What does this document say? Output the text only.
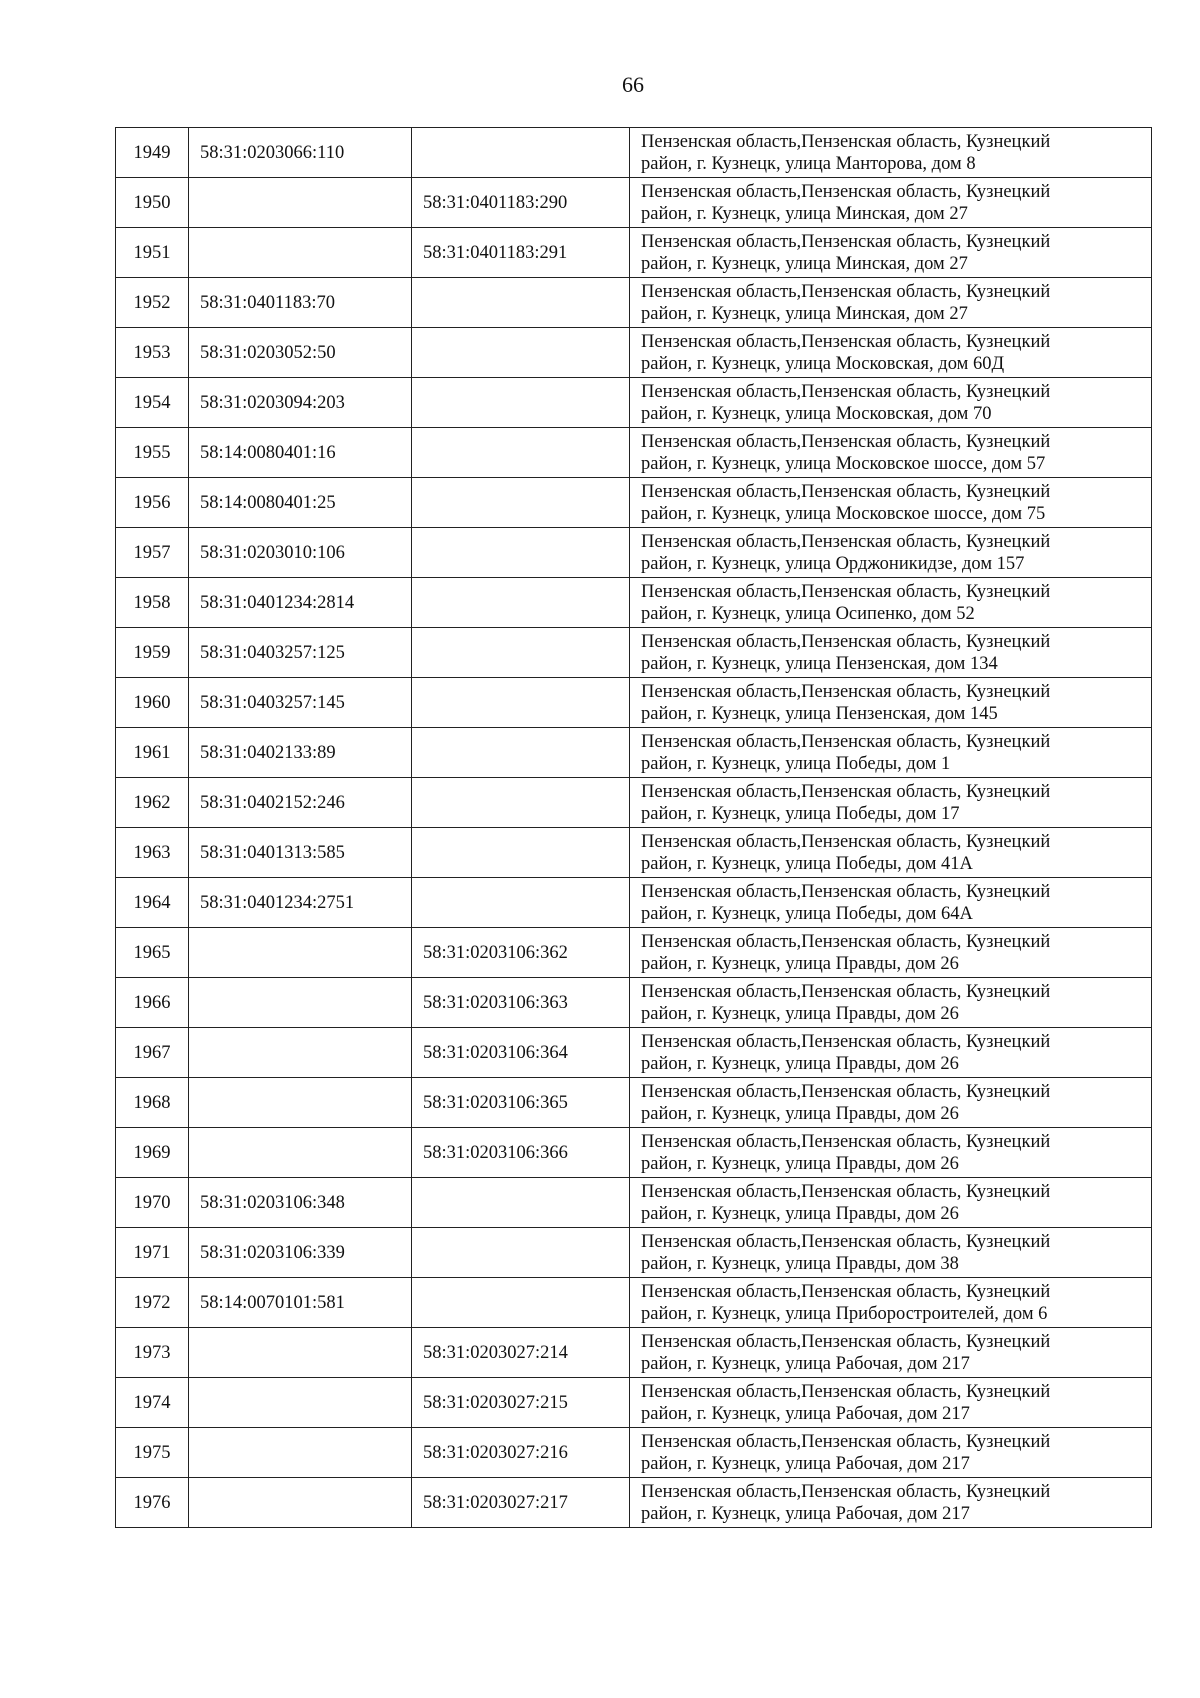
66
1949	58:31:0203066:110		Пензенская область,Пензенская область, Кузнецкий
район, г. Кузнецк, улица Манторова, дом 8

1950		58:31:0401183:290	Пензенская область,Пензенская область, Кузнецкий
район, г. Кузнецк, улица Минская, дом 27

1951		58:31:0401183:291	Пензенская область,Пензенская область, Кузнецкий
район, г. Кузнецк, улица Минская, дом 27

1952	58:31:0401183:70		Пензенская область,Пензенская область, Кузнецкий
район, г. Кузнецк, улица Минская, дом 27

1953	58:31:0203052:50		Пензенская область,Пензенская область, Кузнецкий
район, г. Кузнецк, улица Московская, дом 60Д

1954	58:31:0203094:203		Пензенская область,Пензенская область, Кузнецкий
район, г. Кузнецк, улица Московская, дом 70

1955	58:14:0080401:16		Пензенская область,Пензенская область, Кузнецкий
район, г. Кузнецк, улица Московское шоссе, дом 57

1956	58:14:0080401:25		Пензенская область,Пензенская область, Кузнецкий
район, г. Кузнецк, улица Московское шоссе, дом 75

1957	58:31:0203010:106		Пензенская область,Пензенская область, Кузнецкий
район, г. Кузнецк, улица Орджоникидзе, дом 157

1958	58:31:0401234:2814		Пензенская область,Пензенская область, Кузнецкий
район, г. Кузнецк, улица Осипенко, дом 52

1959	58:31:0403257:125		Пензенская область,Пензенская область, Кузнецкий
район, г. Кузнецк, улица Пензенская, дом 134

1960	58:31:0403257:145		Пензенская область,Пензенская область, Кузнецкий
район, г. Кузнецк, улица Пензенская, дом 145

1961	58:31:0402133:89		Пензенская область,Пензенская область, Кузнецкий
район, г. Кузнецк, улица Победы, дом 1

1962	58:31:0402152:246		Пензенская область,Пензенская область, Кузнецкий
район, г. Кузнецк, улица Победы, дом 17

1963	58:31:0401313:585		Пензенская область,Пензенская область, Кузнецкий
район, г. Кузнецк, улица Победы, дом 41А

1964	58:31:0401234:2751		Пензенская область,Пензенская область, Кузнецкий
район, г. Кузнецк, улица Победы, дом 64А

1965		58:31:0203106:362	Пензенская область,Пензенская область, Кузнецкий
район, г. Кузнецк, улица Правды, дом 26

1966		58:31:0203106:363	Пензенская область,Пензенская область, Кузнецкий
район, г. Кузнецк, улица Правды, дом 26

1967		58:31:0203106:364	Пензенская область,Пензенская область, Кузнецкий
район, г. Кузнецк, улица Правды, дом 26

1968		58:31:0203106:365	Пензенская область,Пензенская область, Кузнецкий
район, г. Кузнецк, улица Правды, дом 26

1969		58:31:0203106:366	Пензенская область,Пензенская область, Кузнецкий
район, г. Кузнецк, улица Правды, дом 26

1970	58:31:0203106:348		Пензенская область,Пензенская область, Кузнецкий
район, г. Кузнецк, улица Правды, дом 26

1971	58:31:0203106:339		Пензенская область,Пензенская область, Кузнецкий
район, г. Кузнецк, улица Правды, дом 38

1972	58:14:0070101:581		Пензенская область,Пензенская область, Кузнецкий
район, г. Кузнецк, улица Приборостроителей, дом 6

1973		58:31:0203027:214	Пензенская область,Пензенская область, Кузнецкий
район, г. Кузнецк, улица Рабочая, дом 217

1974		58:31:0203027:215	Пензенская область,Пензенская область, Кузнецкий
район, г. Кузнецк, улица Рабочая, дом 217

1975		58:31:0203027:216	Пензенская область,Пензенская область, Кузнецкий
район, г. Кузнецк, улица Рабочая, дом 217

1976		58:31:0203027:217	Пензенская область,Пензенская область, Кузнецкий
район, г. Кузнецк, улица Рабочая, дом 217
